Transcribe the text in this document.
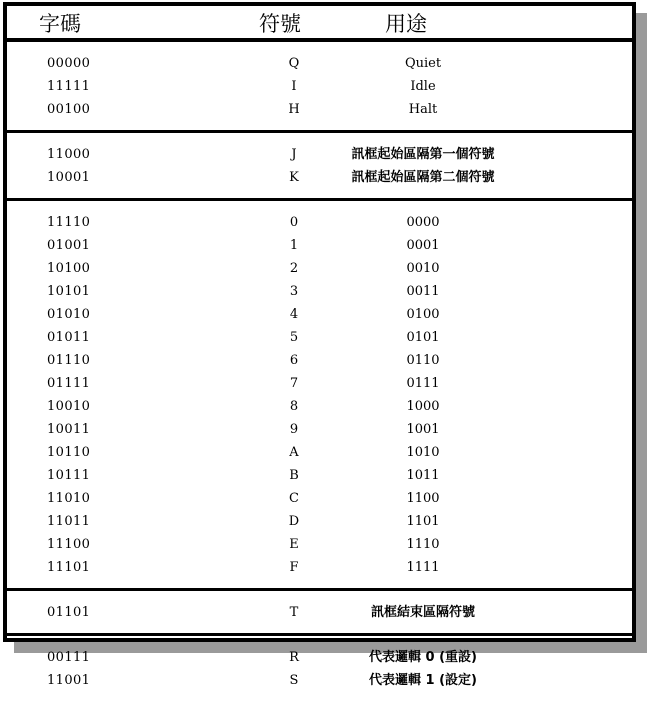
字碼	符號	用途
00000	Q	Quiet
11111	I	Idle
00100	H	Halt
11000	J	訊框起始區隔第一個符號
10001	K	訊框起始區隔第二個符號
11110	0	0000
01001	1	0001
10100	2	0010
10101	3	0011
01010	4	0100
01011	5	0101
01110	6	0110
01111	7	0111
10010	8	1000
10011	9	1001
10110	A	1010
10111	B	1011
11010	C	1100
11011	D	1101
11100	E	1110
11101	F	1111
01101	T	訊框結束區隔符號
00111	R	代表邏輯 0 (重設)
11001	S	代表邏輯 1 (設定)
